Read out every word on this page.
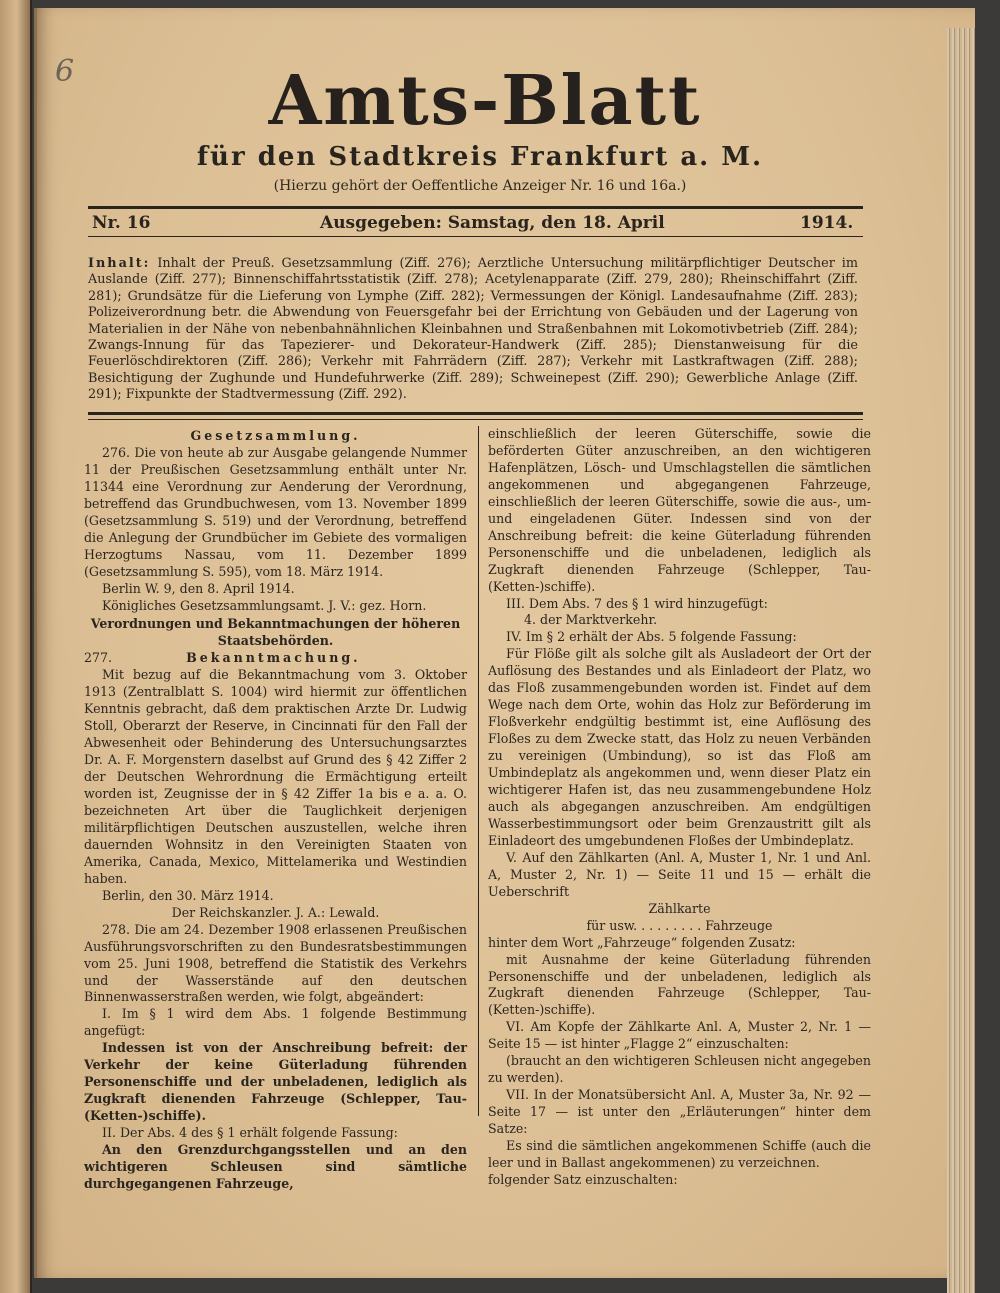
6	Amts-Blatt
für den Stadtkreis Frankfurt a. M.
(Hierzu gehört der Oeffentliche Anzeiger Nr. 16 und 16a.)
Nr. 16	Ausgegeben: Samstag, den 18. April	1914.
Inhalt: Inhalt der Preuß. Gesetzsammlung (Ziff. 276); Aerztliche Untersuchung militärpflichtiger Deutscher im Auslande (Ziff. 277); Binnenschiffahrtsstatistik (Ziff. 278); Acetylenapparate (Ziff. 279, 280); Rheinschiffahrt (Ziff. 281); Grundsätze für die Lieferung von Lymphe (Ziff. 282); Vermessungen der Königl. Landesaufnahme (Ziff. 283); Polizeiverordnung betr. die Abwendung von Feuersgefahr bei der Errichtung von Gebäuden und der Lagerung von Materialien in der Nähe von nebenbahnähnlichen Kleinbahnen und Straßenbahnen mit Lokomotivbetrieb (Ziff. 284); Zwangs-Innung für das Tapezierer- und Dekorateur-Handwerk (Ziff. 285); Dienstanweisung für die Feuerlöschdirektoren (Ziff. 286); Verkehr mit Fahrrädern (Ziff. 287); Verkehr mit Lastkraftwagen (Ziff. 288); Besichtigung der Zughunde und Hundefuhrwerke (Ziff. 289); Schweinepest (Ziff. 290); Gewerbliche Anlage (Ziff. 291); Fixpunkte der Stadtvermessung (Ziff. 292).

Gesetzsammlung.

276. Die von heute ab zur Ausgabe gelangende Nummer 11 der Preußischen Gesetzsammlung enthält unter Nr. 11344 eine Verordnung zur Aenderung der Verordnung, betreffend das Grundbuchwesen, vom 13. November 1899 (Gesetzsammlung S. 519) und der Verordnung, betreffend die Anlegung der Grundbücher im Gebiete des vormaligen Herzogtums Nassau, vom 11. Dezember 1899 (Gesetzsammlung S. 595), vom 18. März 1914.

Berlin W. 9, den 8. April 1914.

Königliches Gesetzsammlungsamt. J. V.: gez. Horn.

Verordnungen und Bekanntmachungen der höheren Staatsbehörden.

277.	Bekanntmachung.

Mit bezug auf die Bekanntmachung vom 3. Oktober 1913 (Zentralblatt S. 1004) wird hiermit zur öffentlichen Kenntnis gebracht, daß dem praktischen Arzte Dr. Ludwig Stoll, Oberarzt der Reserve, in Cincinnati für den Fall der Abwesenheit oder Behinderung des Untersuchungsarztes Dr. A. F. Morgenstern daselbst auf Grund des § 42 Ziffer 2 der Deutschen Wehrordnung die Ermächtigung erteilt worden ist, Zeugnisse der in § 42 Ziffer 1a bis e a. a. O. bezeichneten Art über die Tauglichkeit derjenigen militärpflichtigen Deutschen auszustellen, welche ihren dauernden Wohnsitz in den Vereinigten Staaten von Amerika, Canada, Mexico, Mittelamerika und Westindien haben.

Berlin, den 30. März 1914.

Der Reichskanzler. J. A.: Lewald.

278. Die am 24. Dezember 1908 erlassenen Preußischen Ausführungsvorschriften zu den Bundesratsbestimmungen vom 25. Juni 1908, betreffend die Statistik des Verkehrs und der Wasserstände auf den deutschen Binnenwasserstraßen werden, wie folgt, abgeändert:

I. Im § 1 wird dem Abs. 1 folgende Bestimmung angefügt:

Indessen ist von der Anschreibung befreit: der Verkehr der keine Güterladung führenden Personenschiffe und der unbeladenen, lediglich als Zugkraft dienenden Fahrzeuge (Schlepper, Tau-(Ketten-)schiffe).

II. Der Abs. 4 des § 1 erhält folgende Fassung:

An den Grenzdurchgangsstellen und an den wichtigeren Schleusen sind sämtliche durchgegangenen Fahrzeuge,

einschließlich der leeren Güterschiffe, sowie die beförderten Güter anzuschreiben, an den wichtigeren Hafenplätzen, Lösch- und Umschlagstellen die sämtlichen angekommenen und abgegangenen Fahrzeuge, einschließlich der leeren Güterschiffe, sowie die aus-, um- und eingeladenen Güter. Indessen sind von der Anschreibung befreit: die keine Güterladung führenden Personenschiffe und die unbeladenen, lediglich als Zugkraft dienenden Fahrzeuge (Schlepper, Tau-(Ketten-)schiffe).

III. Dem Abs. 7 des § 1 wird hinzugefügt:

4. der Marktverkehr.

IV. Im § 2 erhält der Abs. 5 folgende Fassung:

Für Flöße gilt als solche gilt als Ausladeort der Ort der Auflösung des Bestandes und als Einladeort der Platz, wo das Floß zusammengebunden worden ist. Findet auf dem Wege nach dem Orte, wohin das Holz zur Beförderung im Floßverkehr endgültig bestimmt ist, eine Auflösung des Floßes zu dem Zwecke statt, das Holz zu neuen Verbänden zu vereinigen (Umbindung), so ist das Floß am Umbindeplatz als angekommen und, wenn dieser Platz ein wichtigerer Hafen ist, das neu zusammengebundene Holz auch als abgegangen anzuschreiben. Am endgültigen Wasserbestimmungsort oder beim Grenzaustritt gilt als Einladeort des umgebundenen Floßes der Umbindeplatz.

V. Auf den Zählkarten (Anl. A, Muster 1, Nr. 1 und Anl. A, Muster 2, Nr. 1) — Seite 11 und 15 — erhält die Ueberschrift

Zählkarte

für usw. . . . . . . . . Fahrzeuge

hinter dem Wort „Fahrzeuge“ folgenden Zusatz:

mit Ausnahme der keine Güterladung führenden Personenschiffe und der unbeladenen, lediglich als Zugkraft dienenden Fahrzeuge (Schlepper, Tau-(Ketten-)schiffe).

VI. Am Kopfe der Zählkarte Anl. A, Muster 2, Nr. 1 — Seite 15 — ist hinter „Flagge 2“ einzuschalten:

(braucht an den wichtigeren Schleusen nicht angegeben zu werden).

VII. In der Monatsübersicht Anl. A, Muster 3a, Nr. 92 — Seite 17 — ist unter den „Erläuterungen“ hinter dem Satze:

Es sind die sämtlichen angekommenen Schiffe (auch die leer und in Ballast angekommenen) zu verzeichnen.

folgender Satz einzuschalten:
